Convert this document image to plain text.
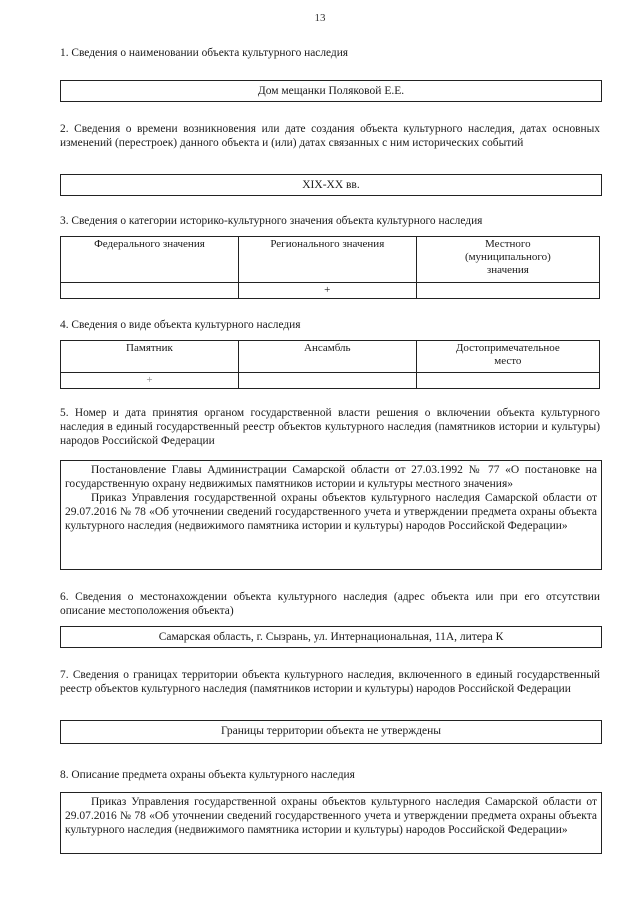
13
1. Сведения о наименовании объекта культурного наследия
Дом мещанки Поляковой Е.Е.
2. Сведения о времени возникновения или дате создания объекта культурного наследия, датах основных изменений (перестроек) данного объекта и (или) датах связанных с ним исторических событий
XIX-XX вв.
3. Сведения о категории историко-культурного значения объекта культурного наследия
Федерального значения	Регионального значения	Местного (муниципального) значения
	+	
4. Сведения о виде объекта культурного наследия
Памятник	Ансамбль	Достопримечательное место
+		
5. Номер и дата принятия органом государственной власти решения о включении объекта культурного наследия в единый государственный реестр объектов культурного наследия (памятников истории и культуры) народов Российской Федерации

Постановление Главы Администрации Самарской области от 27.03.1992 № 77 «О постановке на государственную охрану недвижимых памятников истории и культуры местного значения»

Приказ Управления государственной охраны объектов культурного наследия Самарской области от 29.07.2016 № 78 «Об уточнении сведений государственного учета и утверждении предмета охраны объекта культурного наследия (недвижимого памятника истории и культуры) народов Российской Федерации»

6. Сведения о местонахождении объекта культурного наследия (адрес объекта или при его отсутствии описание местоположения объекта)
Самарская область, г. Сызрань, ул. Интернациональная, 11А, литера К
7. Сведения о границах территории объекта культурного наследия, включенного в единый государственный реестр объектов культурного наследия (памятников истории и культуры) народов Российской Федерации
Границы территории объекта не утверждены
8. Описание предмета охраны объекта культурного наследия

Приказ Управления государственной охраны объектов культурного наследия Самарской области от 29.07.2016 № 78 «Об уточнении сведений государственного учета и утверждении предмета охраны объекта культурного наследия (недвижимого памятника истории и культуры) народов Российской Федерации»
